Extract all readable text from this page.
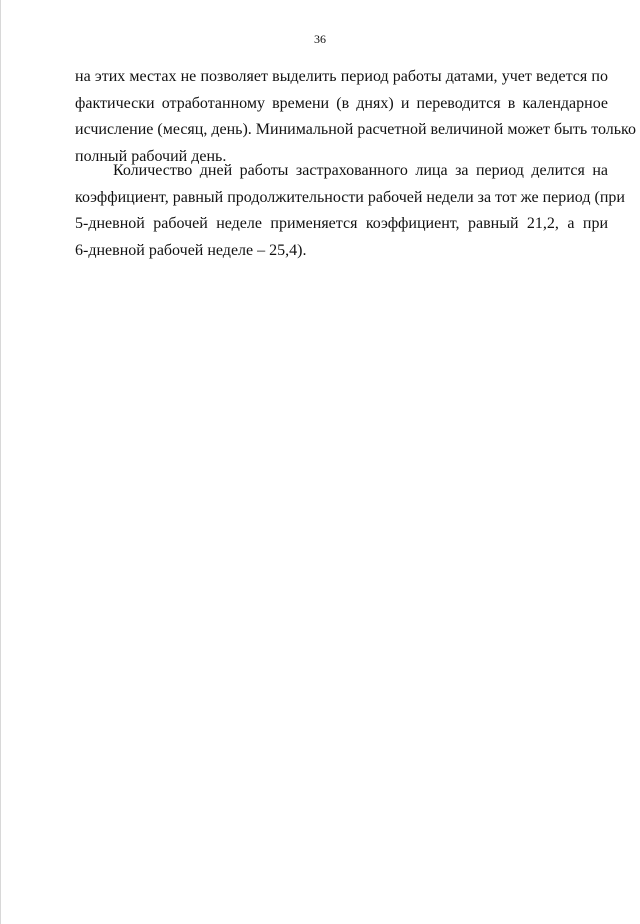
36
на этих местах не позволяет выделить период работы датами, учет ведется по
фактически отработанному времени (в днях) и переводится в календарное
исчисление (месяц, день). Минимальной расчетной величиной может быть только
полный рабочий день.
Количество дней работы застрахованного лица за период делится на
коэффициент, равный продолжительности рабочей недели за тот же период (при
5-дневной рабочей неделе применяется коэффициент, равный 21,2, а при
6-дневной рабочей неделе – 25,4).
